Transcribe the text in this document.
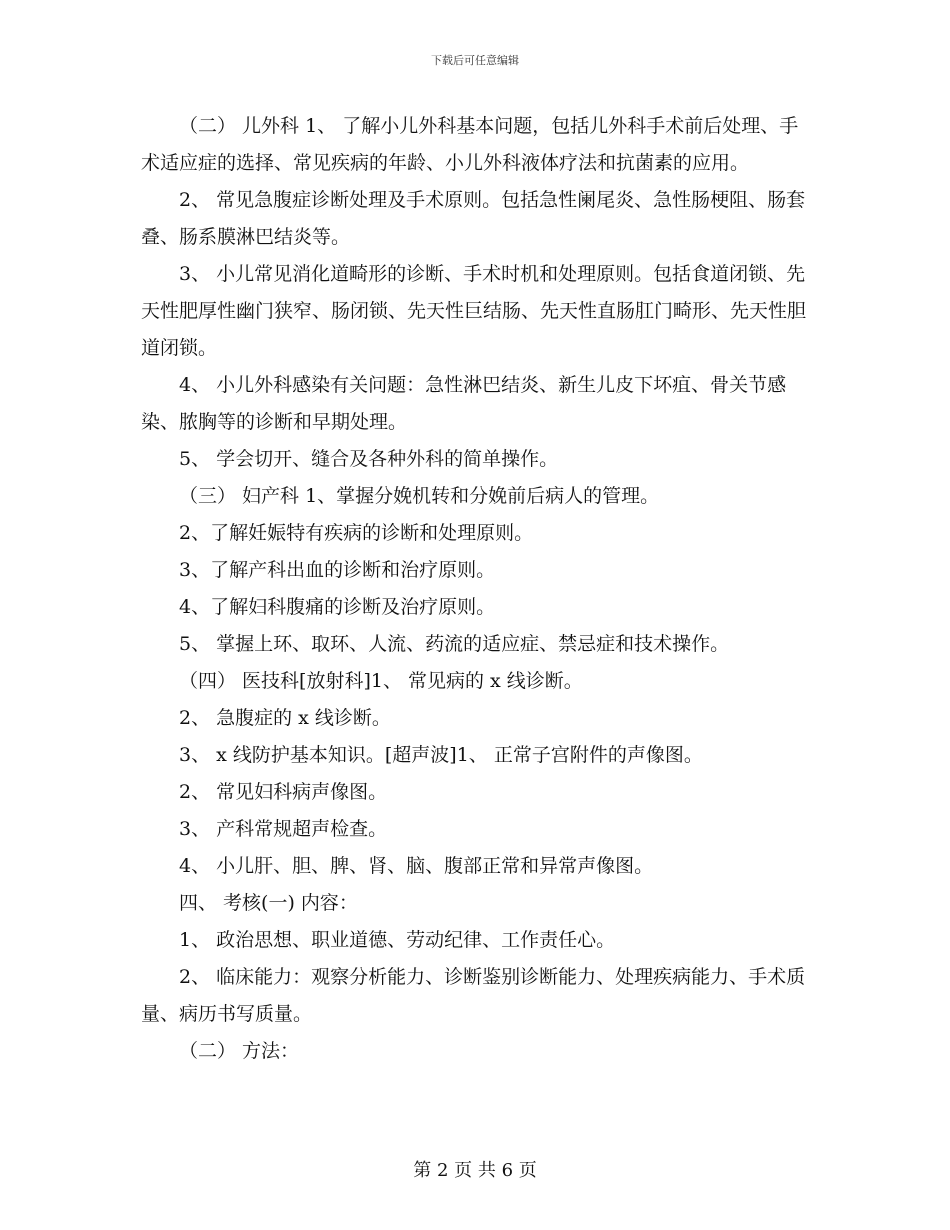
下载后可任意编辑

（二） 儿外科 1、 了解小儿外科基本问题，包括儿外科手术前后处理、手术适应症的选择、常见疾病的年龄、小儿外科液体疗法和抗菌素的应用。

2、 常见急腹症诊断处理及手术原则。包括急性阑尾炎、急性肠梗阻、肠套叠、肠系膜淋巴结炎等。

3、 小儿常见消化道畸形的诊断、手术时机和处理原则。包括食道闭锁、先天性肥厚性幽门狭窄、肠闭锁、先天性巨结肠、先天性直肠肛门畸形、先天性胆道闭锁。

4、 小儿外科感染有关问题：急性淋巴结炎、新生儿皮下坏疽、骨关节感染、脓胸等的诊断和早期处理。

5、 学会切开、缝合及各种外科的简单操作。

（三） 妇产科 1、掌握分娩机转和分娩前后病人的管理。

2、了解妊娠特有疾病的诊断和处理原则。

3、了解产科出血的诊断和治疗原则。

4、了解妇科腹痛的诊断及治疗原则。

5、 掌握上环、取环、人流、药流的适应症、禁忌症和技术操作。

（四） 医技科[放射科]1、 常见病的 x 线诊断。

2、 急腹症的 x 线诊断。

3、 x 线防护基本知识。[超声波]1、 正常子宫附件的声像图。

2、 常见妇科病声像图。

3、 产科常规超声检查。

4、 小儿肝、胆、脾、肾、脑、腹部正常和异常声像图。

四、 考核(一) 内容：

1、 政治思想、职业道德、劳动纪律、工作责任心。

2、 临床能力：观察分析能力、诊断鉴别诊断能力、处理疾病能力、手术质量、病历书写质量。

（二） 方法：

第 2 页 共 6 页
